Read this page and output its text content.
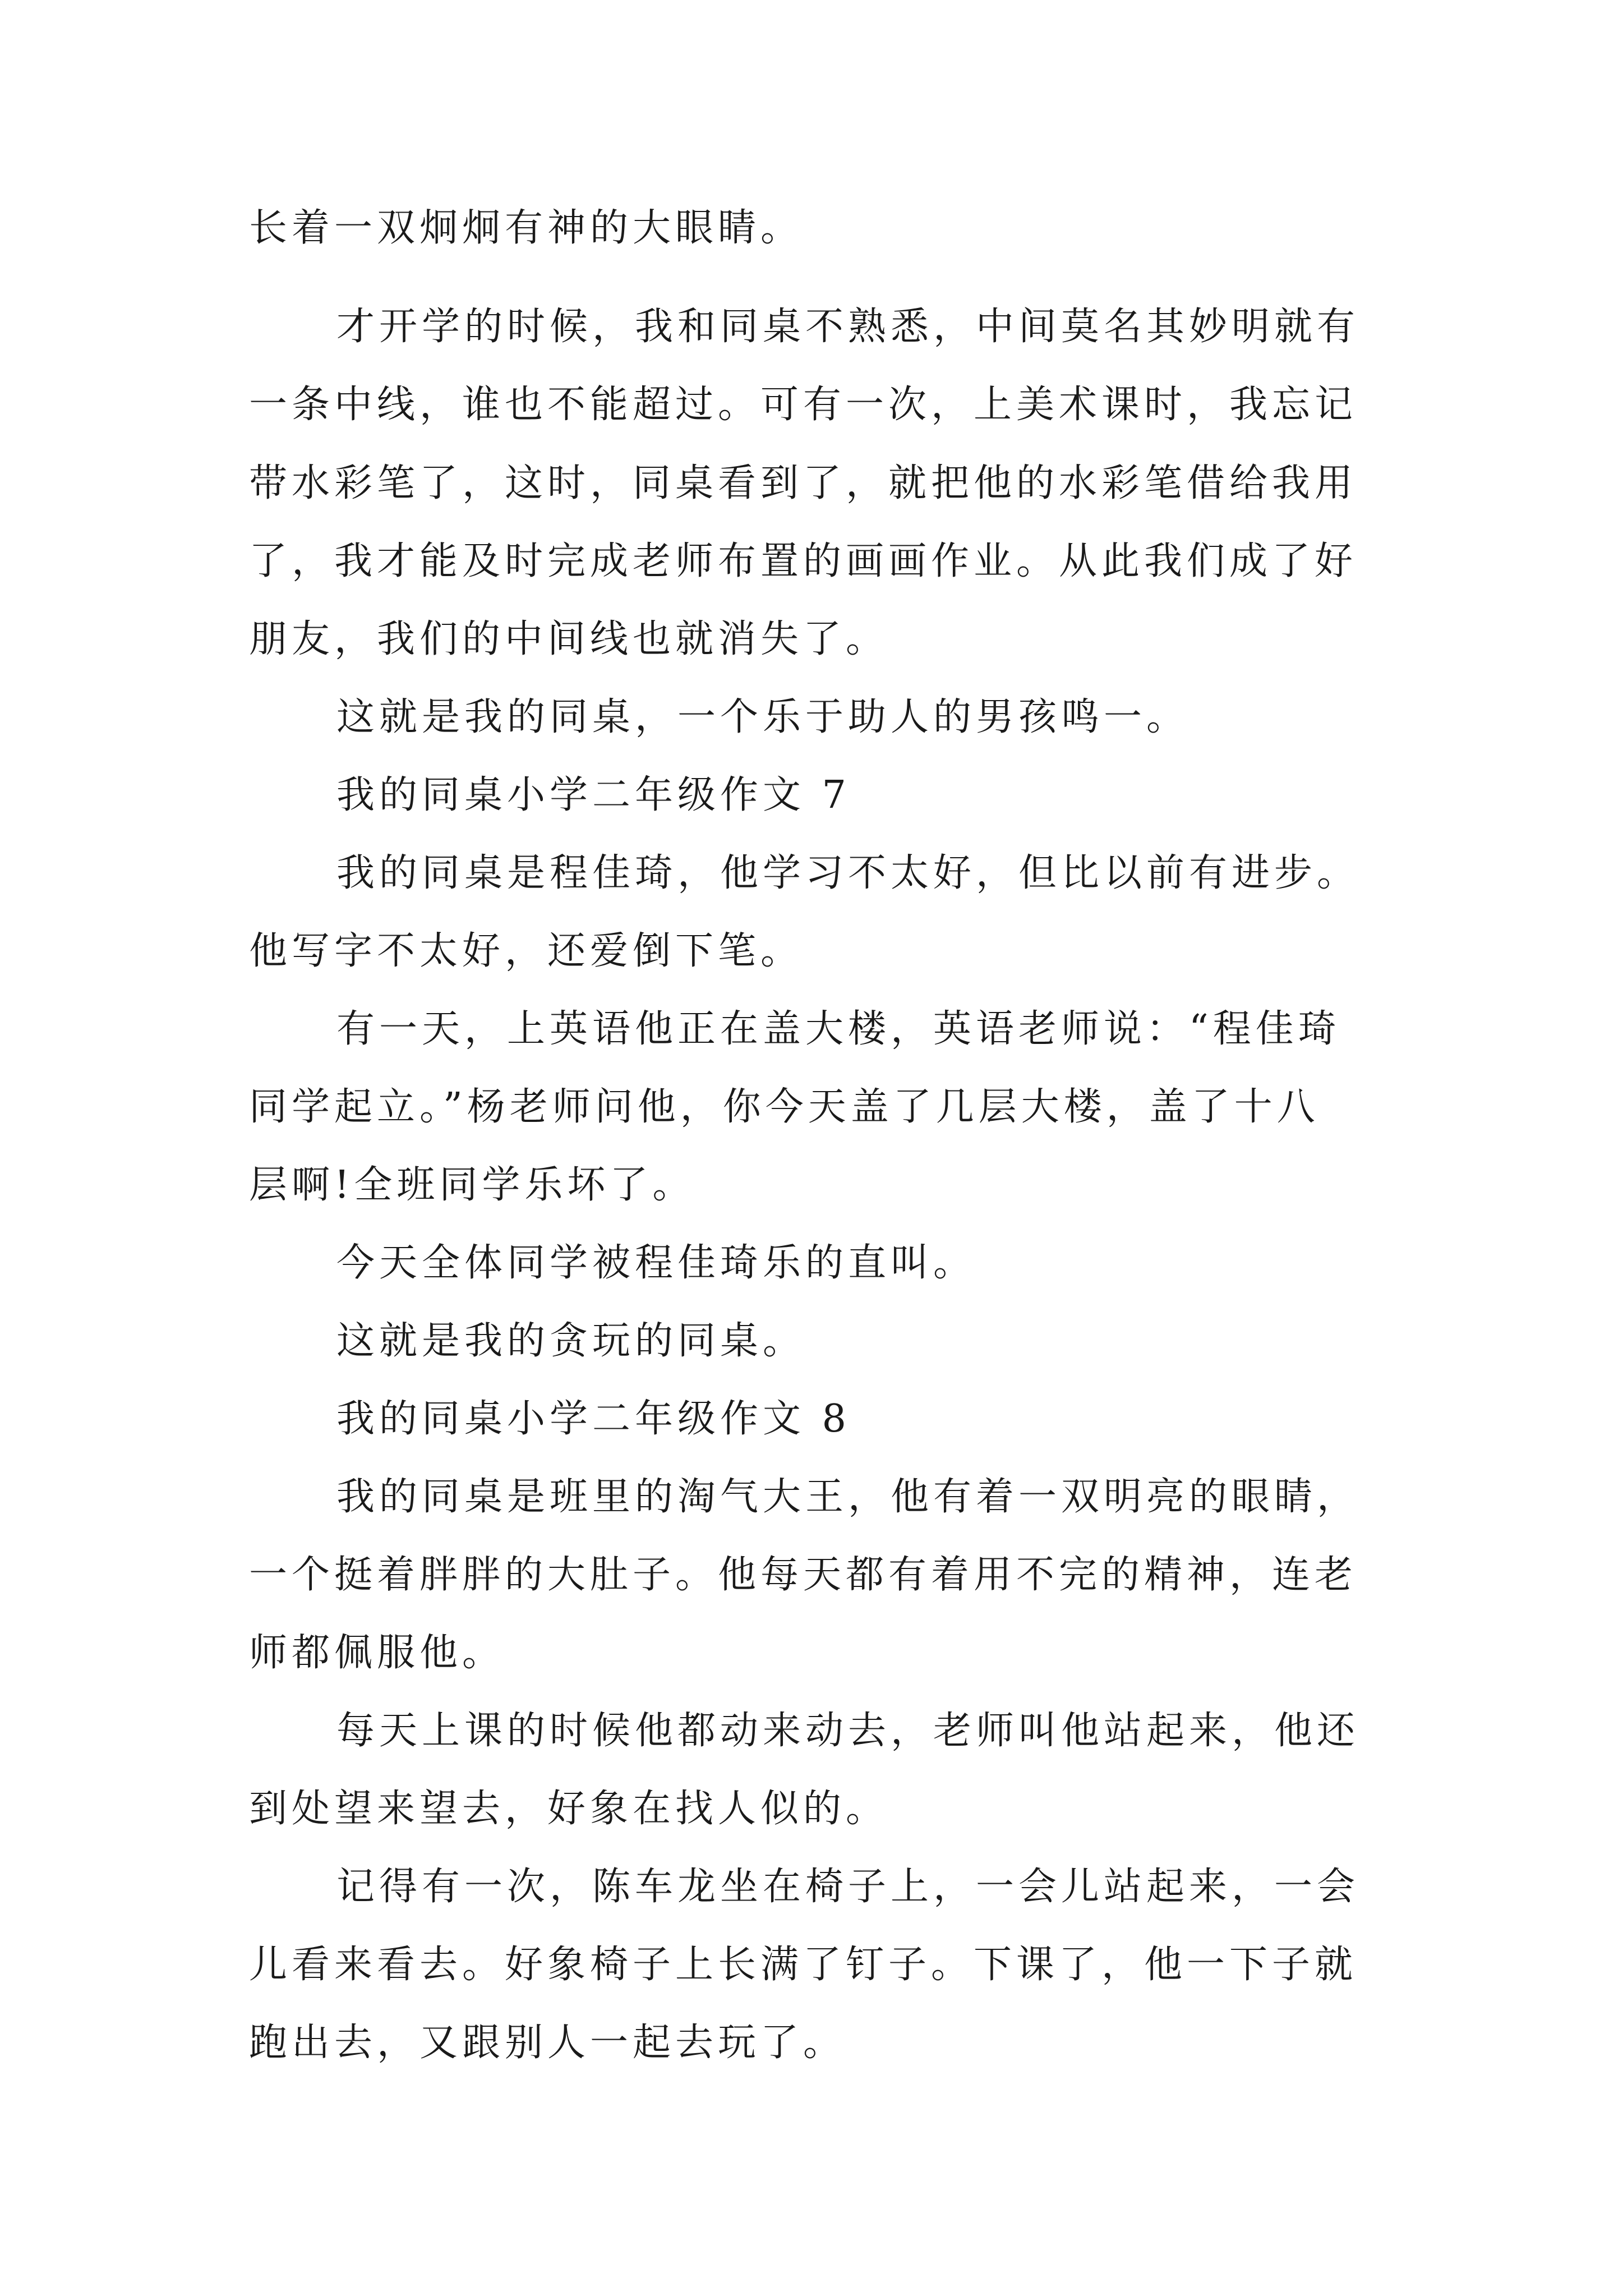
长着一双炯炯有神的大眼睛。
才开学的时候，我和同桌不熟悉，中间莫名其妙明就有
一条中线，谁也不能超过。可有一次，上美术课时，我忘记
带水彩笔了，这时，同桌看到了，就把他的水彩笔借给我用
了，我才能及时完成老师布置的画画作业。从此我们成了好
朋友，我们的中间线也就消失了。
这就是我的同桌，一个乐于助人的男孩鸣一。
我的同桌小学二年级作文 7
我的同桌是程佳琦，他学习不太好，但比以前有进步。
他写字不太好，还爱倒下笔。
有一天，上英语他正在盖大楼，英语老师说：“程佳琦
同学起立。”杨老师问他，你今天盖了几层大楼，盖了十八
层啊!全班同学乐坏了。
今天全体同学被程佳琦乐的直叫。
这就是我的贪玩的同桌。
我的同桌小学二年级作文 8
我的同桌是班里的淘气大王，他有着一双明亮的眼睛，
一个挺着胖胖的大肚子。他每天都有着用不完的精神，连老
师都佩服他。
每天上课的时候他都动来动去，老师叫他站起来，他还
到处望来望去，好象在找人似的。
记得有一次，陈车龙坐在椅子上，一会儿站起来，一会
儿看来看去。好象椅子上长满了钉子。下课了，他一下子就
跑出去，又跟别人一起去玩了。
